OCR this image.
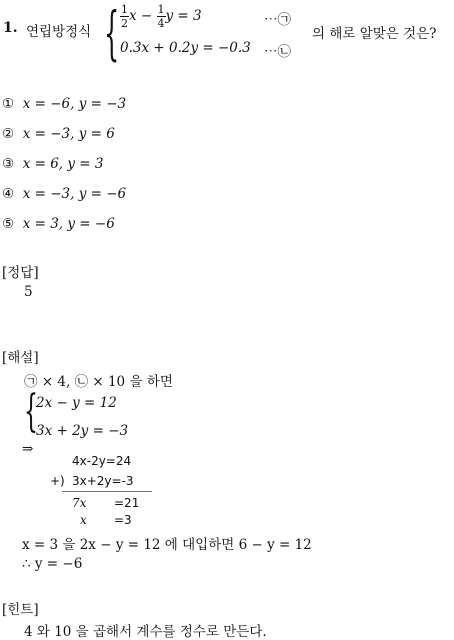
1. 연립방정식 { $\frac{1}{2}$ $x - \frac{1}{4}$ y = 3	⋯㉠
0.3x + 0.2y = −0.3 ⋯㉡
의 해로 알맞은 것은?
① x = −6, y = −3
② x = −3, y = 6
③ x = 6, y = 3
④ x = −3, y = −6
⑤ x = 3, y = −6
[정답]
5
[해설]
㉠ × 4, ㉡ × 10 을 하면
{
2x − y = 12
3x + 2y = −3
⇒
4x-2y=24
+) 3x+2y=-3
7x =21
x =3
x = 3 을 2x − y = 12 에 대입하면 6 − y = 12
∴ y = −6
[힌트]
4 와 10 을 곱해서 계수를 정수로 만든다.
